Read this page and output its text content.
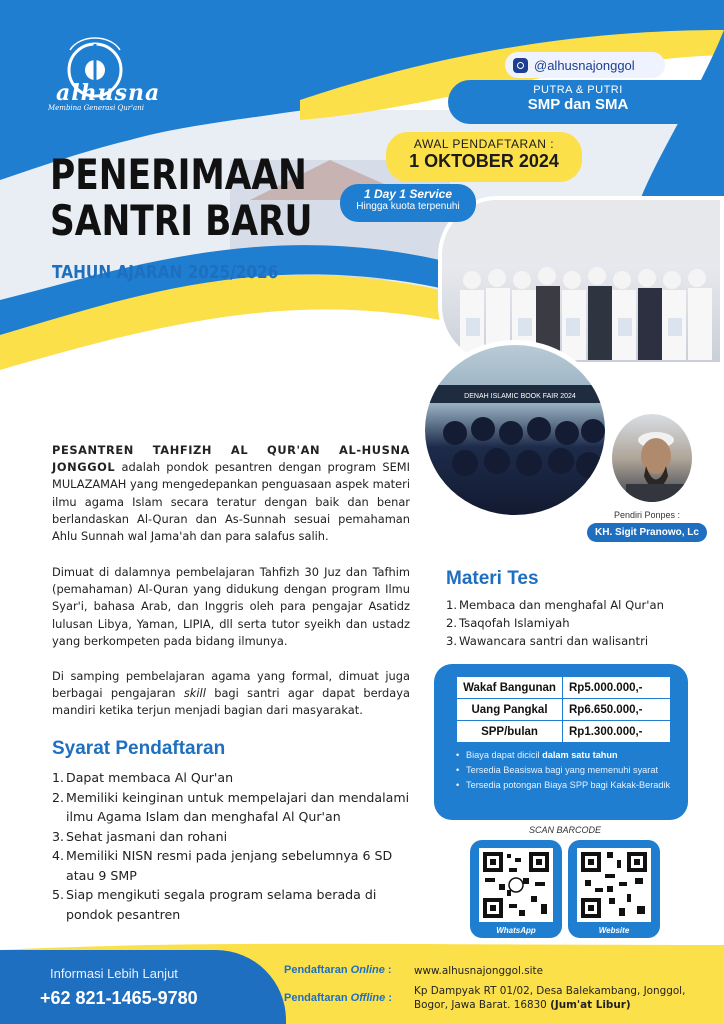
alhusna
Membina Generasi Qur'ani
@alhusnajonggol
PUTRA & PUTRI
SMP dan SMA
DENAH ISLAMIC BOOK FAIR 2024
Pendiri Ponpes :
KH. Sigit Pranowo, Lc
AWAL PENDAFTARAN :
1 OKTOBER 2024
1 Day 1 Service
Hingga kuota terpenuhi
PENERIMAAN
SANTRI BARU
TAHUN AJARAN 2025/2026
PESANTREN TAHFIZH AL QUR'AN AL-HUSNA JONGGOL adalah pondok pesantren dengan program SEMI MULAZAMAH yang mengedepankan penguasaan aspek materi ilmu agama Islam secara teratur dengan baik dan benar berlandaskan Al-Quran dan As-Sunnah sesuai pemahaman Ahlu Sunnah wal Jama'ah dan para salafus salih.
Dimuat di dalamnya pembelajaran Tahfizh 30 Juz dan Tafhim (pemahaman) Al-Quran yang didukung dengan program Ilmu Syar'i, bahasa Arab, dan Inggris oleh para pengajar Asatidz lulusan Libya, Yaman, LIPIA, dll serta tutor syeikh dan ustadz yang berkompeten pada bidang ilmunya.
Di samping pembelajaran agama yang formal, dimuat juga berbagai pengajaran skill bagi santri agar dapat berdaya mandiri ketika terjun menjadi bagian dari masyarakat.
Syarat Pendaftaran
1. Dapat membaca Al Qur'an
2. Memiliki keinginan untuk mempelajari dan mendalami ilmu Agama Islam dan menghafal Al Qur'an
3. Sehat jasmani dan rohani
4. Memiliki NISN resmi pada jenjang sebelumnya 6 SD atau 9 SMP
5. Siap mengikuti segala program selama berada di pondok pesantren
Materi Tes
1. Membaca dan menghafal Al Qur'an
2. Tsaqofah Islamiyah
3. Wawancara santri dan walisantri
Wakaf Bangunan	Rp5.000.000,-
Uang Pangkal	Rp6.650.000,-
SPP/bulan	Rp1.300.000,-
• Biaya dapat dicicil dalam satu tahun
• Tersedia Beasiswa bagi yang memenuhi syarat
• Tersedia potongan Biaya SPP bagi Kakak-Beradik
SCAN BARCODE
WhatsApp	Website
Informasi Lebih Lanjut
+62 821-1465-9780
Pendaftaran Online : www.alhusnajonggol.site
Pendaftaran Offline :
Kp Dampyak RT 01/02, Desa Balekambang, Jonggol, Bogor, Jawa Barat. 16830 (Jum'at Libur)
